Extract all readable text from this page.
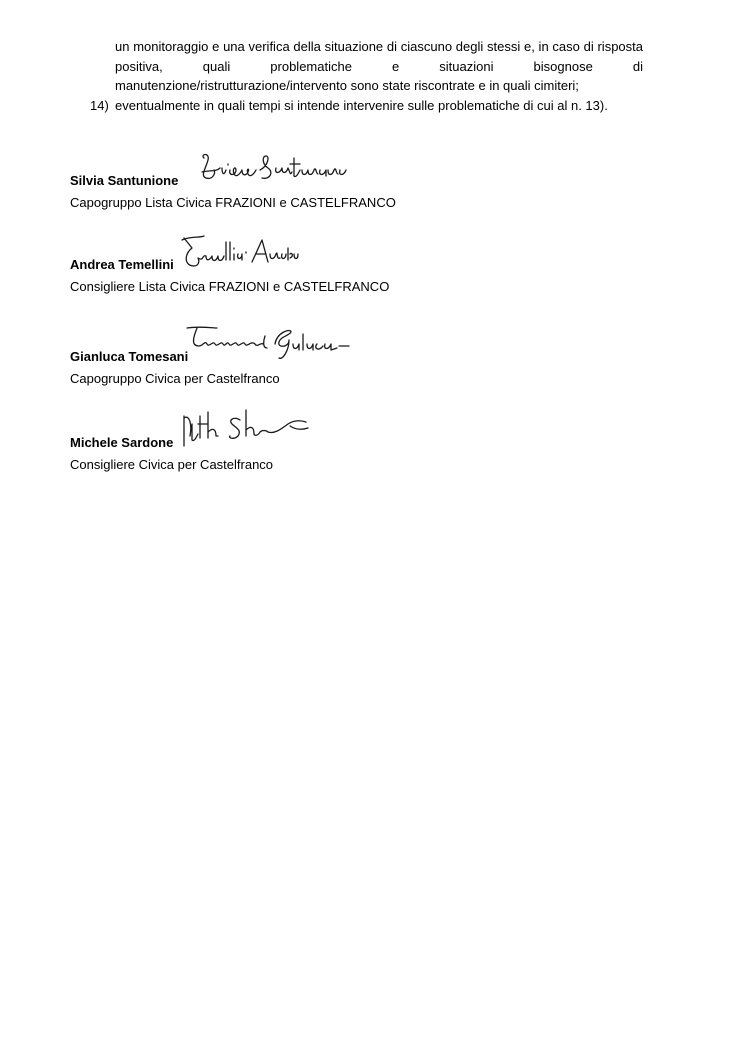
un monitoraggio e una verifica della situazione di ciascuno degli stessi e, in caso di risposta positiva, quali problematiche e situazioni bisognose di manutenzione/ristrutturazione/intervento sono state riscontrate e in quali cimiteri;
14) eventualmente in quali tempi si intende intervenire sulle problematiche di cui al n. 13).
Silvia Santunione
Capogruppo Lista Civica FRAZIONI e CASTELFRANCO
Andrea Temellini
Consigliere Lista Civica FRAZIONI e CASTELFRANCO
Gianluca Tomesani
Capogruppo Civica per Castelfranco
Michele Sardone
Consigliere Civica per Castelfranco
